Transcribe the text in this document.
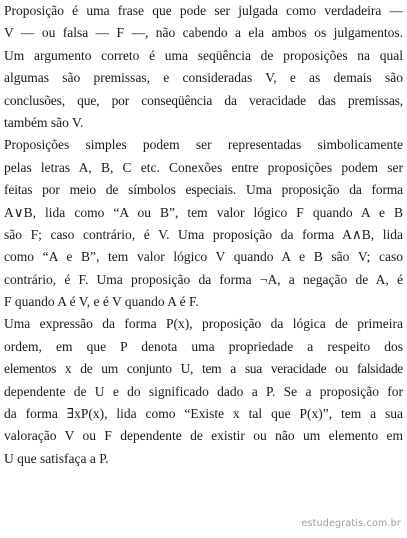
Proposição é uma frase que pode ser julgada como verdadeira —
V — ou falsa — F —, não cabendo a ela ambos os julgamentos.
Um argumento correto é uma seqüência de proposições na qual
algumas são premissas, e consideradas V, e as demais são
conclusões, que, por conseqüência da veracidade das premissas,
também são V.
Proposições simples podem ser representadas simbolicamente
pelas letras A, B, C etc. Conexões entre proposições podem ser
feitas por meio de símbolos especiais. Uma proposição da forma
A∨B, lida como “A ou B”, tem valor lógico F quando A e B
são F; caso contrário, é V. Uma proposição da forma A∧B, lida
como “A e B”, tem valor lógico V quando A e B são V; caso
contrário, é F. Uma proposição da forma ¬A, a negação de A, é
F quando A é V, e é V quando A é F.
Uma expressão da forma P(x), proposição da lógica de primeira
ordem, em que P denota uma propriedade a respeito dos
elementos x de um conjunto U, tem a sua veracidade ou falsidade
dependente de U e do significado dado a P. Se a proposição for
da forma ∃xP(x), lida como “Existe x tal que P(x)”, tem a sua
valoração V ou F dependente de existir ou não um elemento em
U que satisfaça a P.
estudegratis.com.br
